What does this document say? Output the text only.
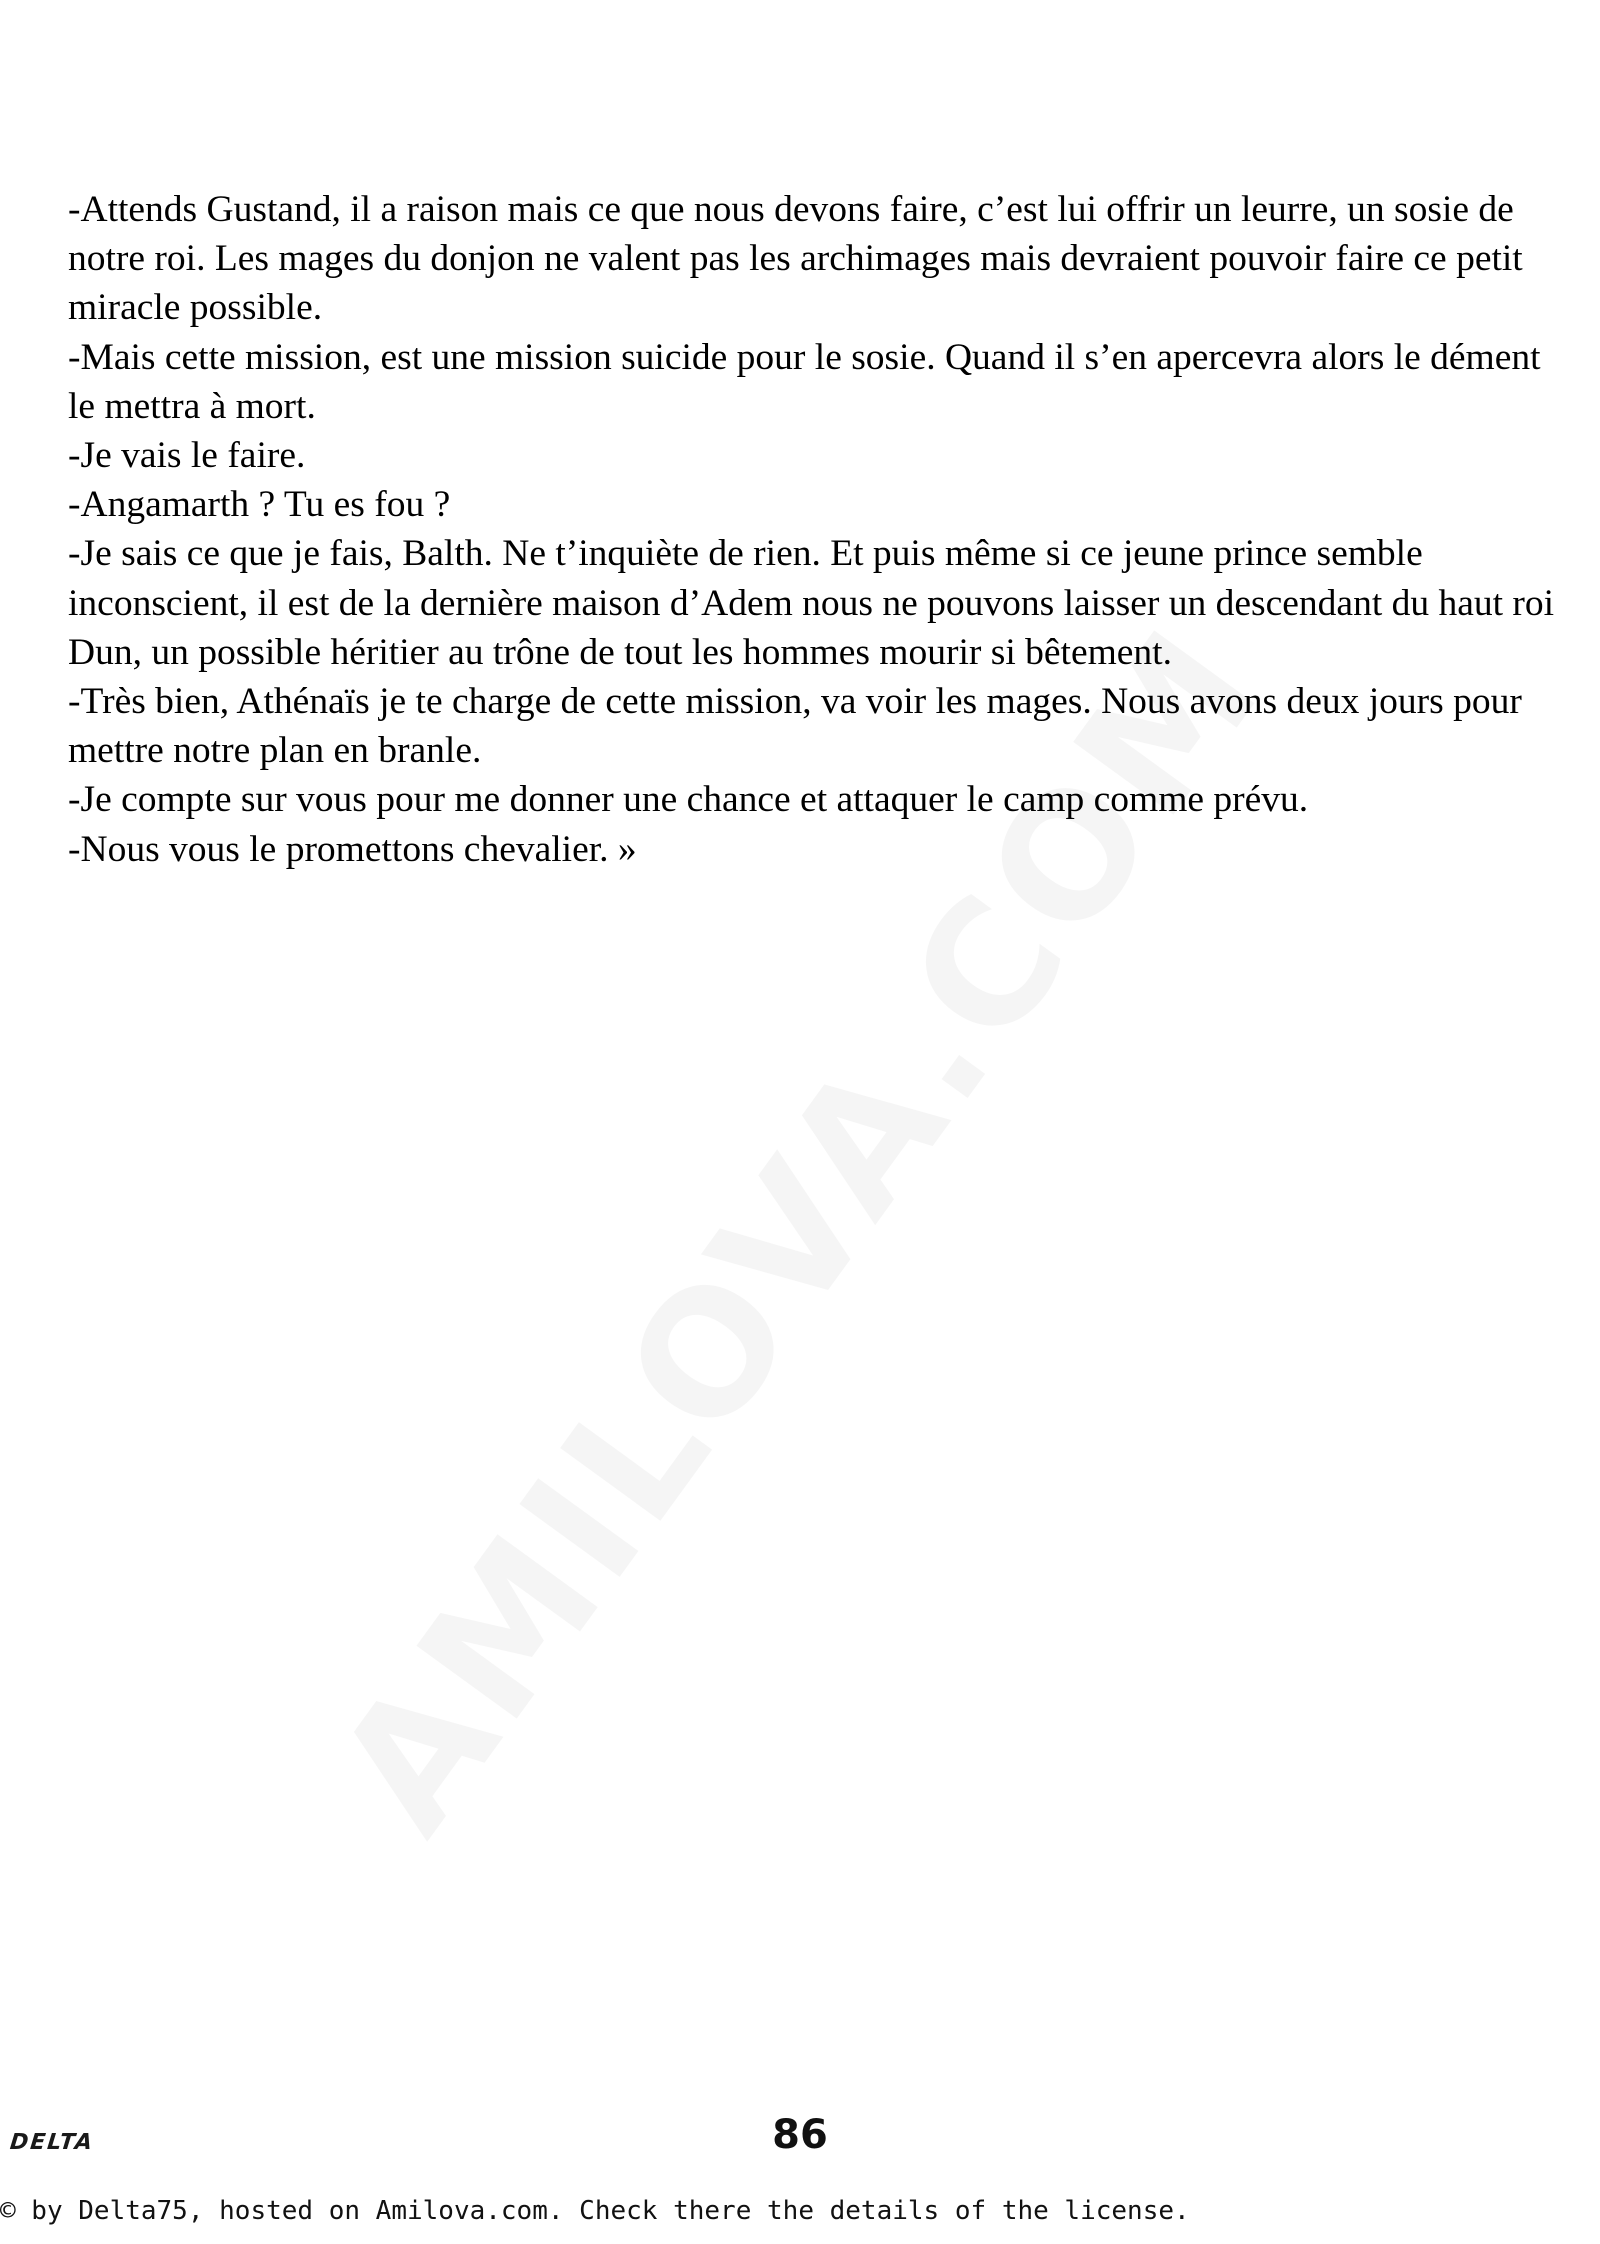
-Attends Gustand, il a raison mais ce que nous devons faire, c’est lui offrir un leurre, un sosie de notre roi. Les mages du donjon ne valent pas les archimages mais devraient pouvoir faire ce petit miracle possible.

-Mais cette mission, est une mission suicide pour le sosie. Quand il s’en apercevra alors le dément le mettra à mort.

-Je vais le faire.

-Angamarth ? Tu es fou ?

-Je sais ce que je fais, Balth. Ne t’inquiète de rien. Et puis même si ce jeune prince semble inconscient, il est de la dernière maison d’Adem nous ne pouvons laisser un descendant du haut roi Dun, un possible héritier au trône de tout les hommes mourir si bêtement.

-Très bien, Athénaïs je te charge de cette mission, va voir les mages. Nous avons deux jours pour mettre notre plan en branle.

-Je compte sur vous pour me donner une chance et attaquer le camp comme prévu.

-Nous vous le promettons chevalier. »

DELTA	86
© by Delta75, hosted on Amilova.com. Check there the details of the license.
